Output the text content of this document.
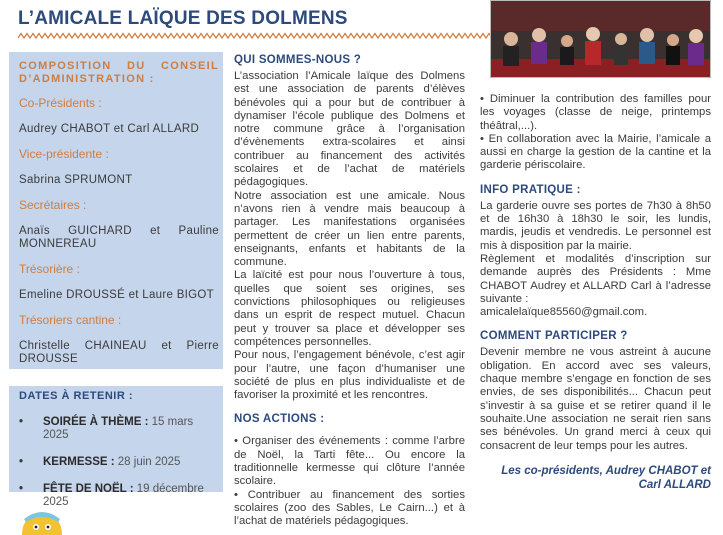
L’AMICALE LAÏQUE DES DOLMENS

COMPOSITION DU CONSEIL D’ADMINISTRATION :

Co-Présidents :

Audrey CHABOT et Carl ALLARD

Vice-présidente :

Sabrina SPRUMONT

Secrétaires :

Anaïs GUICHARD et Pauline MONNEREAU

Trésorière :

Emeline DROUSSÉ et Laure BIGOT

Trésoriers cantine :

Christelle CHAINEAU et Pierre DROUSSE

DATES À RETENIR :

• SOIRÉE À THÈME : 15 mars 2025
• KERMESSE : 28 juin 2025
• FÊTE DE NOËL : 19 décembre 2025

QUI SOMMES-NOUS ?

L’association l’Amicale laïque des Dolmens est une association de parents d’élèves bénévoles qui a pour but de contribuer à dynamiser l’école publique des Dolmens et notre commune grâce à l’organisation d’évènements extra-scolaires et ainsi contribuer au financement des activités scolaires et de l’achat de matériels pédagogiques.

Notre association est une amicale. Nous n’avons rien à vendre mais beaucoup à partager. Les manifestations organisées permettent de créer un lien entre parents, enseignants, enfants et habitants de la commune.

La laïcité est pour nous l’ouverture à tous, quelles que soient ses origines, ses convictions philosophiques ou religieuses dans un esprit de respect mutuel. Chacun peut y trouver sa place et développer ses compétences personnelles.

Pour nous, l’engagement bénévole, c’est agir pour l’autre, une façon d’humaniser une société de plus en plus individualiste et de favoriser la proximité et les rencontres.

NOS ACTIONS :

• Organiser des événements : comme l’arbre de Noël, la Tarti fête... Ou encore la traditionnelle kermesse qui clôture l’année scolaire.

• Contribuer au financement des sorties scolaires (zoo des Sables, Le Cairn...) et à l’achat de matériels pédagogiques.

• Diminuer la contribution des familles pour les voyages (classe de neige, printemps théâtral,...).

• En collaboration avec la Mairie, l’amicale a aussi en charge la gestion de la cantine et la garderie périscolaire.

INFO PRATIQUE :

La garderie ouvre ses portes de 7h30 à 8h50 et de 16h30 à 18h30 le soir, les lundis, mardis, jeudis et vendredis. Le personnel est mis à disposition par la mairie.

Règlement et modalités d’inscription sur demande auprès des Présidents : Mme CHABOT Audrey et ALLARD Carl à l’adresse suivante :

amicalelaïque85560@gmail.com.

COMMENT PARTICIPER ?

Devenir membre ne vous astreint à aucune obligation. En accord avec ses valeurs, chaque membre s’engage en fonction de ses envies, de ses disponibilités... Chacun peut s’investir à sa guise et se retirer quand il le souhaite.Une association ne serait rien sans ses bénévoles. Un grand merci à ceux qui consacrent de leur temps pour les autres.

Les co-présidents, Audrey CHABOT et Carl ALLARD
